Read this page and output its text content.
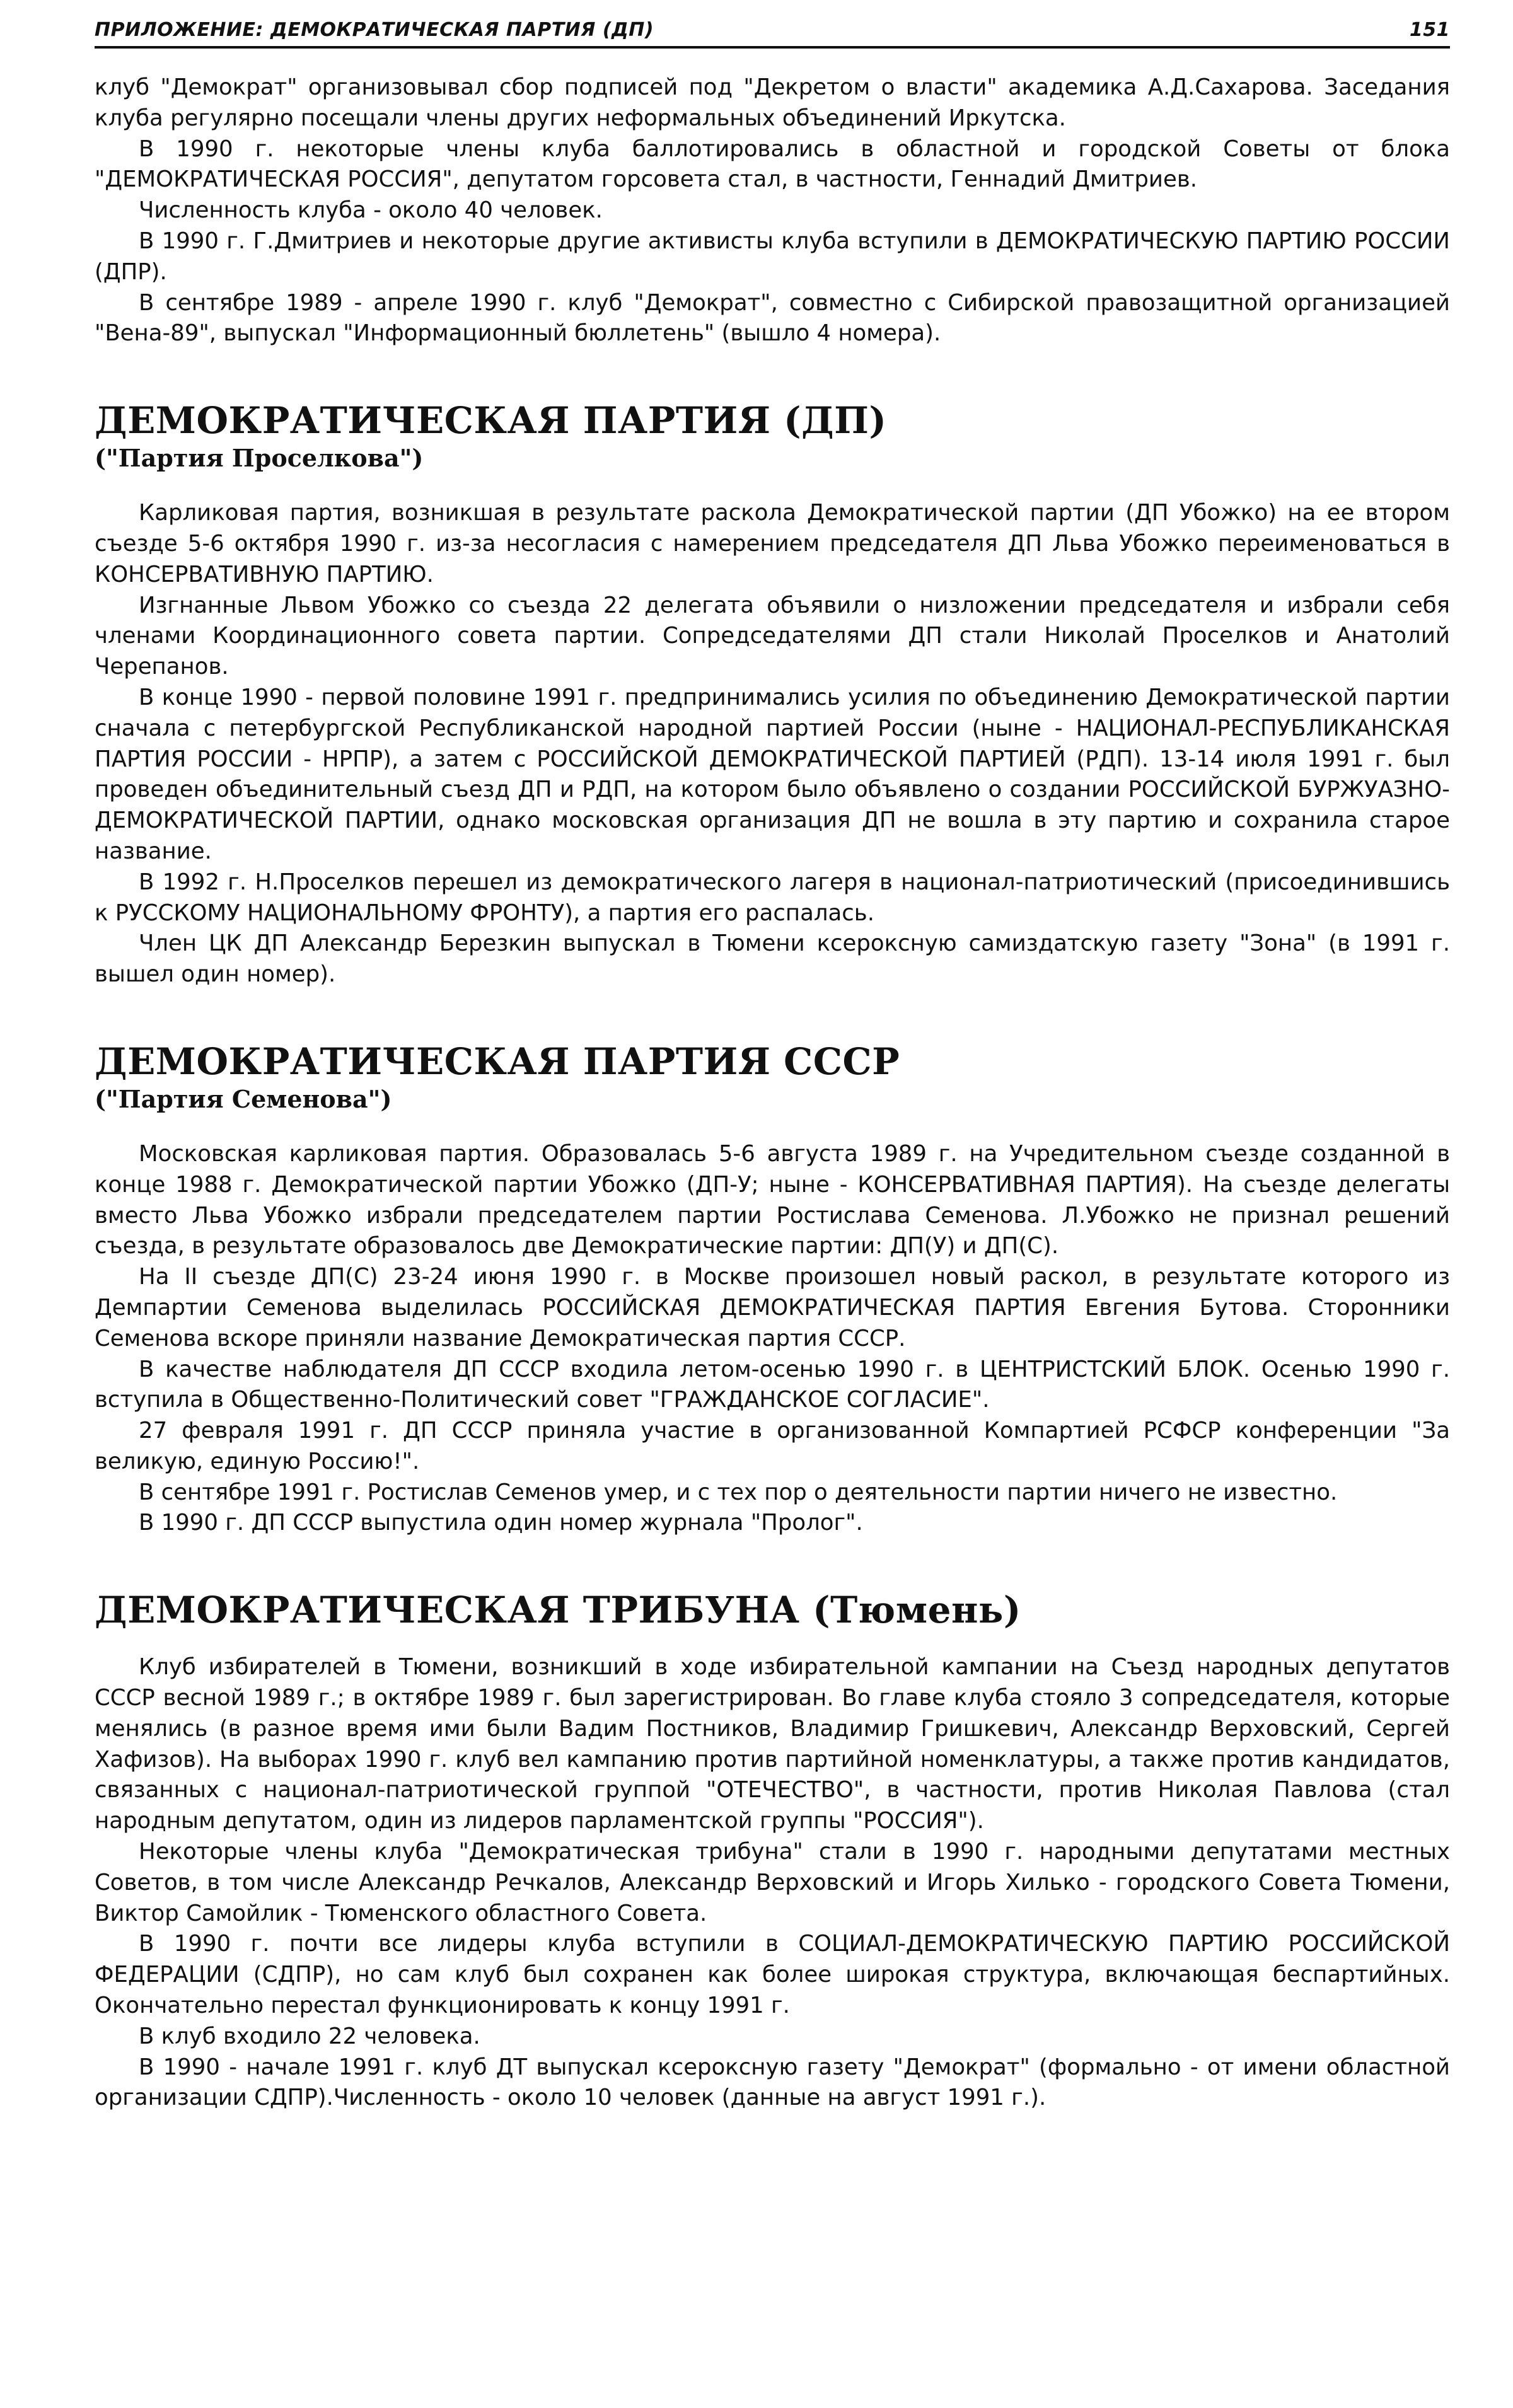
ПРИЛОЖЕНИЕ: ДЕМОКРАТИЧЕСКАЯ ПАРТИЯ (ДП)	151

клуб "Демократ" организовывал сбор подписей под "Декретом о власти" академика А.Д.Сахарова. Заседания клуба регулярно посещали члены других неформальных объединений Иркутска.

В 1990 г. некоторые члены клуба баллотировались в областной и городской Советы от блока "ДЕМОКРАТИЧЕСКАЯ РОССИЯ", депутатом горсовета стал, в частности, Геннадий Дмитриев.

Численность клуба - около 40 человек.

В 1990 г. Г.Дмитриев и некоторые другие активисты клуба вступили в ДЕМОКРАТИЧЕСКУЮ ПАРТИЮ РОССИИ (ДПР).

В сентябре 1989 - апреле 1990 г. клуб "Демократ", совместно с Сибирской правозащитной организацией "Вена-89", выпускал "Информационный бюллетень" (вышло 4 номера).

ДЕМОКРАТИЧЕСКАЯ ПАРТИЯ (ДП)
("Партия Проселкова")

Карликовая партия, возникшая в результате раскола Демократической партии (ДП Убожко) на ее втором съезде 5-6 октября 1990 г. из-за несогласия с намерением председателя ДП Льва Убожко переименоваться в КОНСЕРВАТИВНУЮ ПАРТИЮ.

Изгнанные Львом Убожко со съезда 22 делегата объявили о низложении председателя и избрали себя членами Координационного совета партии. Сопредседателями ДП стали Николай Проселков и Анатолий Черепанов.

В конце 1990 - первой половине 1991 г. предпринимались усилия по объединению Демократической партии сначала с петербургской Республиканской народной партией России (ныне - НАЦИОНАЛ-РЕСПУБЛИКАНСКАЯ ПАРТИЯ РОССИИ - НРПР), а затем с РОССИЙСКОЙ ДЕМОКРАТИЧЕСКОЙ ПАРТИЕЙ (РДП). 13-14 июля 1991 г. был проведен объединительный съезд ДП и РДП, на котором было объявлено о создании РОССИЙСКОЙ БУРЖУАЗНО-ДЕМОКРАТИЧЕСКОЙ ПАРТИИ, однако московская организация ДП не вошла в эту партию и сохранила старое название.

В 1992 г. Н.Проселков перешел из демократического лагеря в национал-патриотический (присоединившись к РУССКОМУ НАЦИОНАЛЬНОМУ ФРОНТУ), а партия его распалась.

Член ЦК ДП Александр Березкин выпускал в Тюмени ксероксную самиздатскую газету "Зона" (в 1991 г. вышел один номер).

ДЕМОКРАТИЧЕСКАЯ ПАРТИЯ СССР
("Партия Семенова")

Московская карликовая партия. Образовалась 5-6 августа 1989 г. на Учредительном съезде созданной в конце 1988 г. Демократической партии Убожко (ДП-У; ныне - КОНСЕРВАТИВНАЯ ПАРТИЯ). На съезде делегаты вместо Льва Убожко избрали председателем партии Ростислава Семенова. Л.Убожко не признал решений съезда, в результате образовалось две Демократические партии: ДП(У) и ДП(С).

На II съезде ДП(С) 23-24 июня 1990 г. в Москве произошел новый раскол, в результате которого из Демпартии Семенова выделилась РОССИЙСКАЯ ДЕМОКРАТИЧЕСКАЯ ПАРТИЯ Евгения Бутова. Сторонники Семенова вскоре приняли название Демократическая партия СССР.

В качестве наблюдателя ДП СССР входила летом-осенью 1990 г. в ЦЕНТРИСТСКИЙ БЛОК. Осенью 1990 г. вступила в Общественно-Политический совет "ГРАЖДАНСКОЕ СОГЛАСИЕ".

27 февраля 1991 г. ДП СССР приняла участие в организованной Компартией РСФСР конференции "За великую, единую Россию!".

В сентябре 1991 г. Ростислав Семенов умер, и с тех пор о деятельности партии ничего не известно.

В 1990 г. ДП СССР выпустила один номер журнала "Пролог".

ДЕМОКРАТИЧЕСКАЯ ТРИБУНА (Тюмень)

Клуб избирателей в Тюмени, возникший в ходе избирательной кампании на Съезд народных депутатов СССР весной 1989 г.; в октябре 1989 г. был зарегистрирован. Во главе клуба стояло 3 сопредседателя, которые менялись (в разное время ими были Вадим Постников, Владимир Гришкевич, Александр Верховский, Сергей Хафизов). На выборах 1990 г. клуб вел кампанию против партийной номенклатуры, а также против кандидатов, связанных с национал-патриотической группой "ОТЕЧЕСТВО", в частности, против Николая Павлова (стал народным депутатом, один из лидеров парламентской группы "РОССИЯ").

Некоторые члены клуба "Демократическая трибуна" стали в 1990 г. народными депутатами местных Советов, в том числе Александр Речкалов, Александр Верховский и Игорь Хилько - городского Совета Тюмени, Виктор Самойлик - Тюменского областного Совета.

В 1990 г. почти все лидеры клуба вступили в СОЦИАЛ-ДЕМОКРАТИЧЕСКУЮ ПАРТИЮ РОССИЙСКОЙ ФЕДЕРАЦИИ (СДПР), но сам клуб был сохранен как более широкая структура, включающая беспартийных. Окончательно перестал функционировать к концу 1991 г.

В клуб входило 22 человека.

В 1990 - начале 1991 г. клуб ДТ выпускал ксероксную газету "Демократ" (формально - от имени областной организации СДПР).Численность - около 10 человек (данные на август 1991 г.).
